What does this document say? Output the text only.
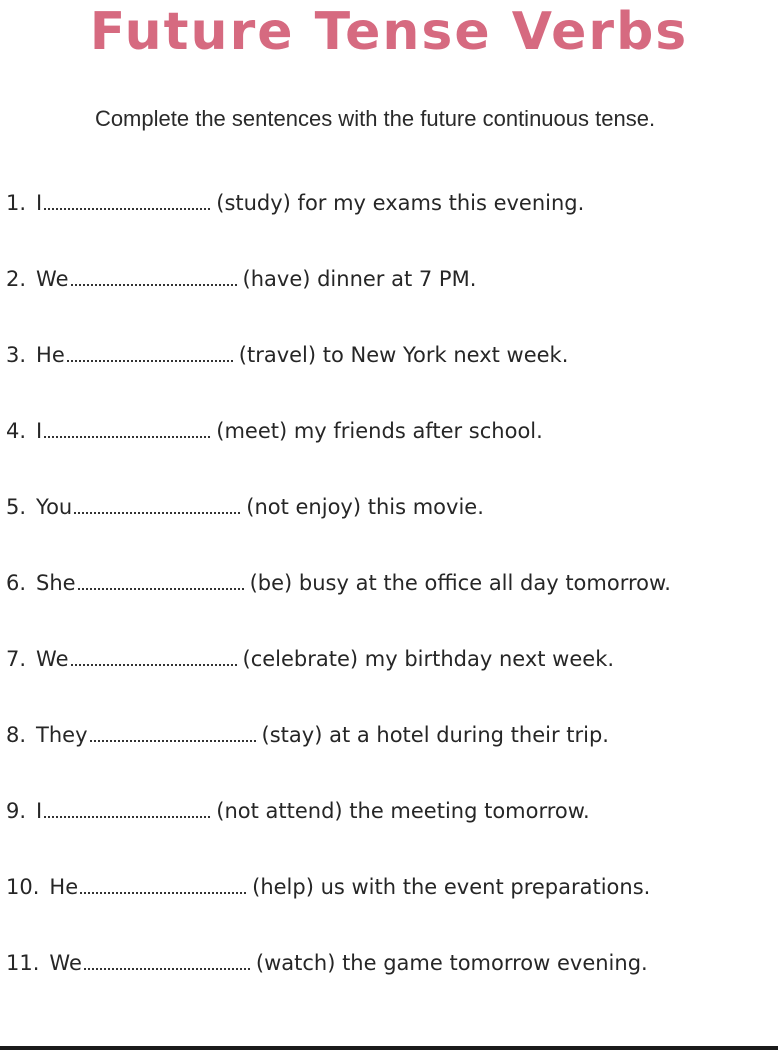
Future Tense Verbs

Complete the sentences with the future continuous tense.

1. I	(study) for my exams this evening.
2. We	(have) dinner at 7 PM.
3. He	(travel) to New York next week.
4. I	(meet) my friends after school.
5. You	(not enjoy) this movie.
6. She	(be) busy at the office all day tomorrow.
7. We	(celebrate) my birthday next week.
8. They	(stay) at a hotel during their trip.
9. I	(not attend) the meeting tomorrow.
10. He	(help) us with the event preparations.
11. We	(watch) the game tomorrow evening.
